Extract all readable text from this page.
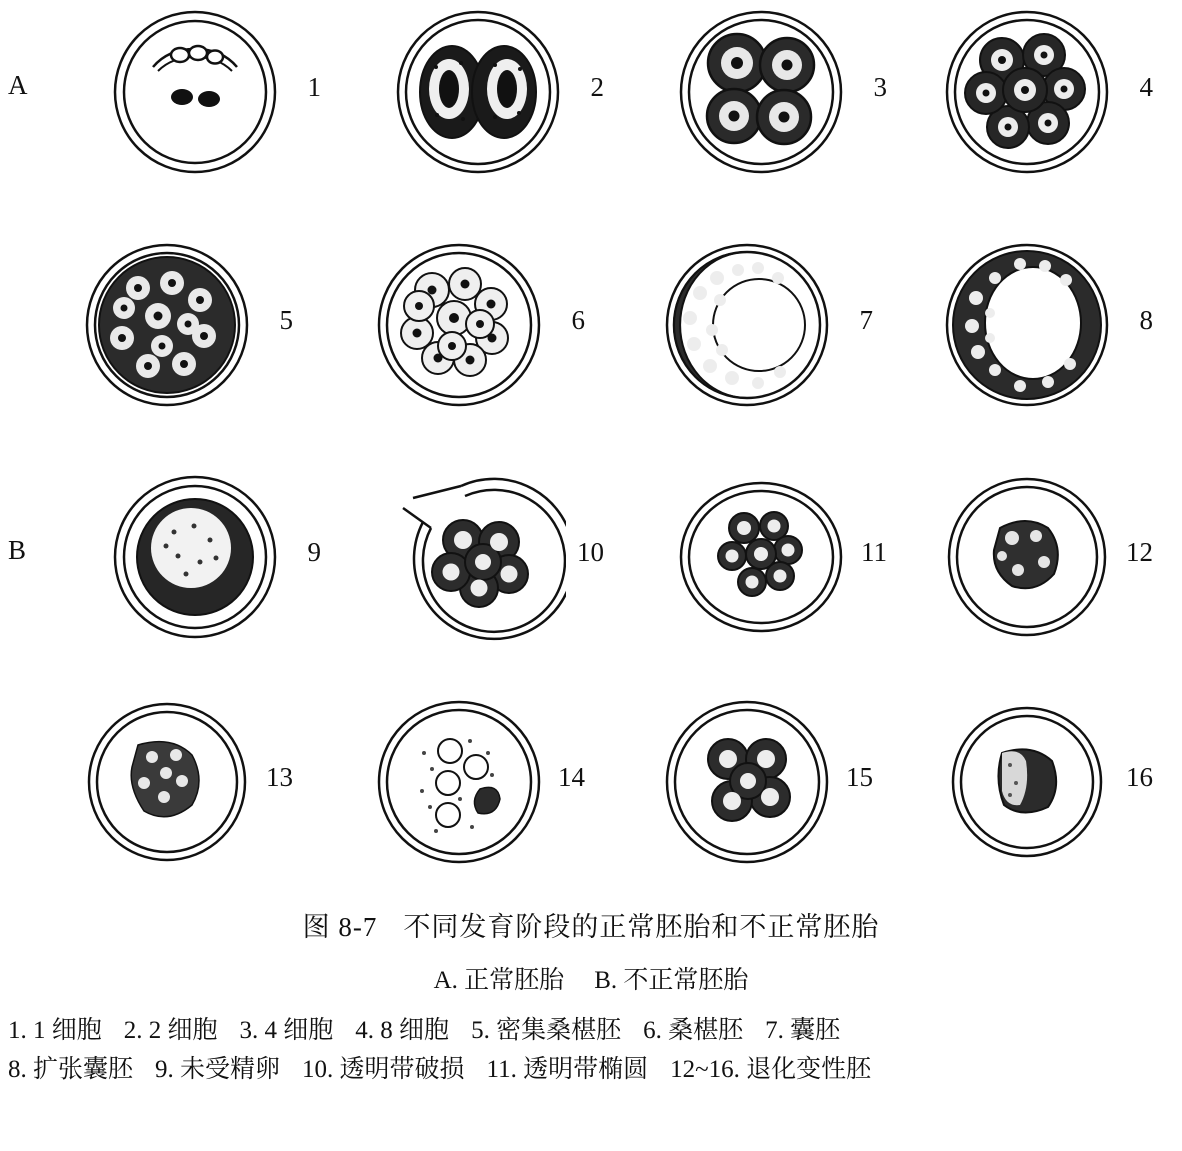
A	1	2	3	4
5	6	7	8
B	9	10	11	12
13	14	15	16
图 8-7 不同发育阶段的正常胚胎和不正常胚胎
A. 正常胚胎 B. 不正常胚胎
1. 1 细胞 2. 2 细胞 3. 4 细胞 4. 8 细胞 5. 密集桑椹胚 6. 桑椹胚 7. 囊胚
8. 扩张囊胚 9. 未受精卵 10. 透明带破损 11. 透明带椭圆 12~16. 退化变性胚
